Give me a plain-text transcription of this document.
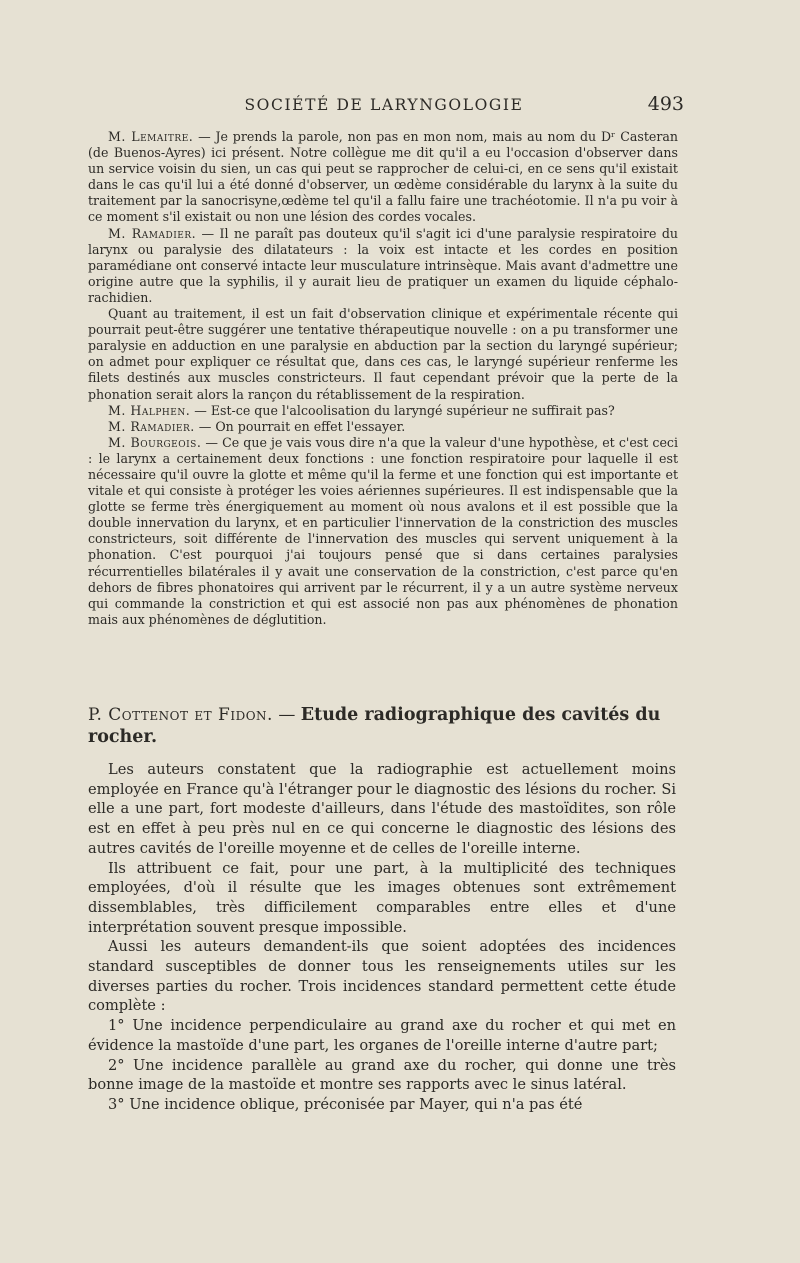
SOCIÉTÉ DE LARYNGOLOGIE	493

M. Lemaitre. — Je prends la parole, non pas en mon nom, mais au nom du Dʳ Casteran (de Buenos-Ayres) ici présent. Notre collègue me dit qu'il a eu l'occasion d'observer dans un service voisin du sien, un cas qui peut se rapprocher de celui-ci, en ce sens qu'il existait dans le cas qu'il lui a été donné d'observer, un œdème considérable du larynx à la suite du traitement par la sanocrisyne,œdème tel qu'il a fallu faire une trachéotomie. Il n'a pu voir à ce moment s'il existait ou non une lésion des cordes vocales.

M. Ramadier. — Il ne paraît pas douteux qu'il s'agit ici d'une paralysie respiratoire du larynx ou paralysie des dilatateurs : la voix est intacte et les cordes en position paramédiane ont conservé intacte leur musculature intrinsèque. Mais avant d'admettre une origine autre que la syphilis, il y aurait lieu de pratiquer un examen du liquide céphalo-rachidien.

Quant au traitement, il est un fait d'observation clinique et expérimentale récente qui pourrait peut-être suggérer une tentative thérapeutique nouvelle : on a pu transformer une paralysie en adduction en une paralysie en abduction par la section du laryngé supérieur; on admet pour expliquer ce résultat que, dans ces cas, le laryngé supérieur renferme les filets destinés aux muscles constricteurs. Il faut cependant prévoir que la perte de la phonation serait alors la rançon du rétablissement de la respiration.

M. Halphen. — Est-ce que l'alcoolisation du laryngé supérieur ne suffirait pas?

M. Ramadier. — On pourrait en effet l'essayer.

M. Bourgeois. — Ce que je vais vous dire n'a que la valeur d'une hypothèse, et c'est ceci : le larynx a certainement deux fonctions : une fonction respiratoire pour laquelle il est nécessaire qu'il ouvre la glotte et même qu'il la ferme et une fonction qui est importante et vitale et qui consiste à protéger les voies aériennes supérieures. Il est indispensable que la glotte se ferme très énergiquement au moment où nous avalons et il est possible que la double innervation du larynx, et en particulier l'innervation de la constriction des muscles constricteurs, soit différente de l'innervation des muscles qui servent uniquement à la phonation. C'est pourquoi j'ai toujours pensé que si dans certaines paralysies récurrentielles bilatérales il y avait une conservation de la constriction, c'est parce qu'en dehors de fibres phonatoires qui arrivent par le récurrent, il y a un autre système nerveux qui commande la constriction et qui est associé non pas aux phénomènes de phonation mais aux phénomènes de déglutition.

P. Cottenot et Fidon. — Etude radiographique des cavités du rocher.

Les auteurs constatent que la radiographie est actuellement moins employée en France qu'à l'étranger pour le diagnostic des lésions du rocher. Si elle a une part, fort modeste d'ailleurs, dans l'étude des mastoïdites, son rôle est en effet à peu près nul en ce qui concerne le diagnostic des lésions des autres cavités de l'oreille moyenne et de celles de l'oreille interne.

Ils attribuent ce fait, pour une part, à la multiplicité des techniques employées, d'où il résulte que les images obtenues sont extrêmement dissemblables, très difficilement comparables entre elles et d'une interprétation souvent presque impossible.

Aussi les auteurs demandent-ils que soient adoptées des incidences standard susceptibles de donner tous les renseignements utiles sur les diverses parties du rocher. Trois incidences standard permettent cette étude complète :

1° Une incidence perpendiculaire au grand axe du rocher et qui met en évidence la mastoïde d'une part, les organes de l'oreille interne d'autre part;

2° Une incidence parallèle au grand axe du rocher, qui donne une très bonne image de la mastoïde et montre ses rapports avec le sinus latéral.

3° Une incidence oblique, préconisée par Mayer, qui n'a pas été
